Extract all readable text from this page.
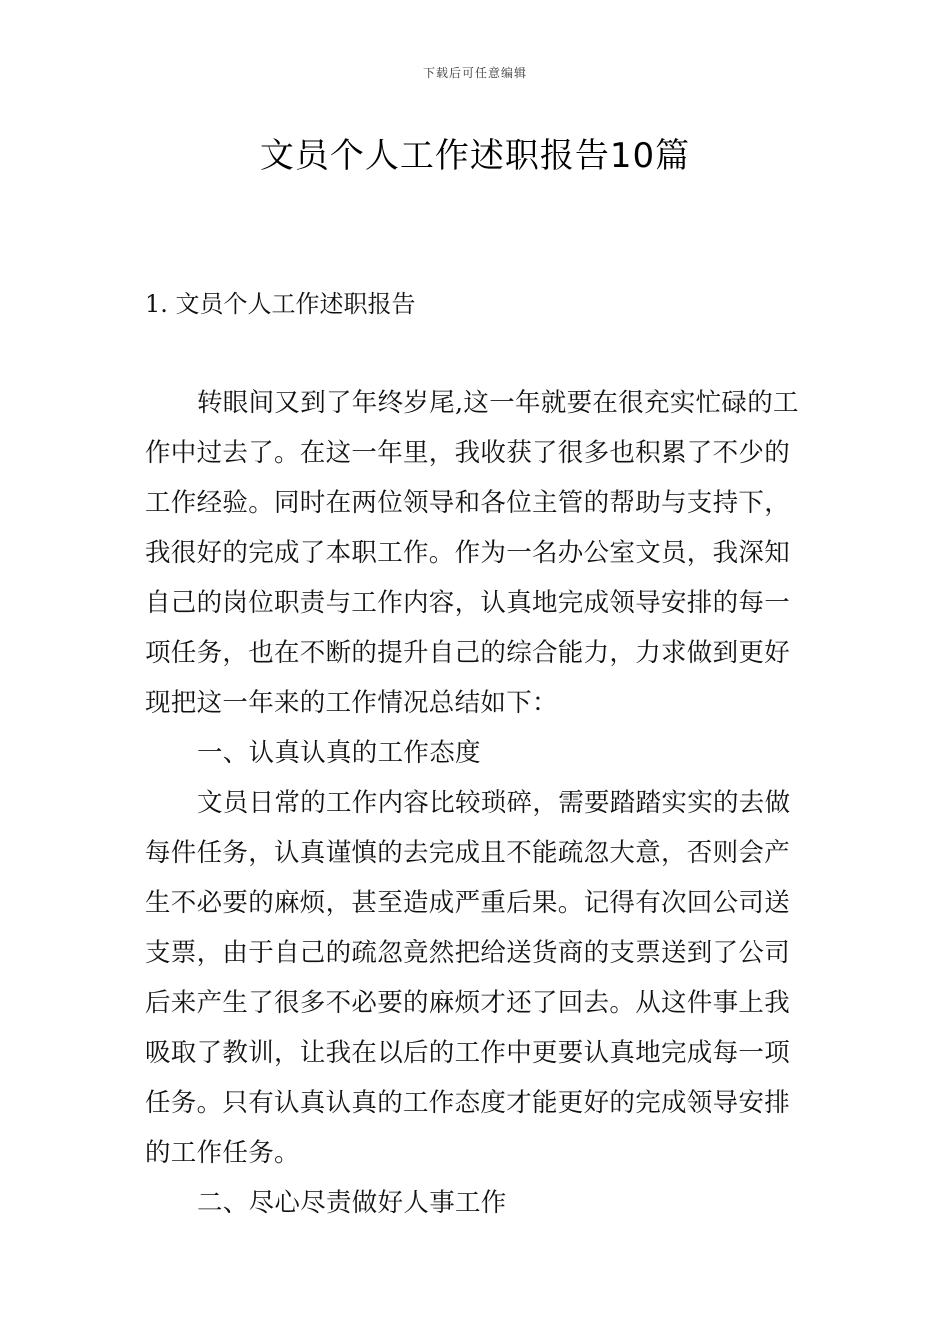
下载后可任意编辑
文员个人工作述职报告10篇
1. 文员个人工作述职报告
转眼间又到了年终岁尾,这一年就要在很充实忙碌的工
作中过去了。在这一年里，我收获了很多也积累了不少的
工作经验。同时在两位领导和各位主管的帮助与支持下，
我很好的完成了本职工作。作为一名办公室文员，我深知
自己的岗位职责与工作内容，认真地完成领导安排的每一
项任务，也在不断的提升自己的综合能力，力求做到更好
现把这一年来的工作情况总结如下：
一、认真认真的工作态度
文员日常的工作内容比较琐碎，需要踏踏实实的去做
每件任务，认真谨慎的去完成且不能疏忽大意，否则会产
生不必要的麻烦，甚至造成严重后果。记得有次回公司送
支票，由于自己的疏忽竟然把给送货商的支票送到了公司
后来产生了很多不必要的麻烦才还了回去。从这件事上我
吸取了教训，让我在以后的工作中更要认真地完成每一项
任务。只有认真认真的工作态度才能更好的完成领导安排
的工作任务。
二、尽心尽责做好人事工作
